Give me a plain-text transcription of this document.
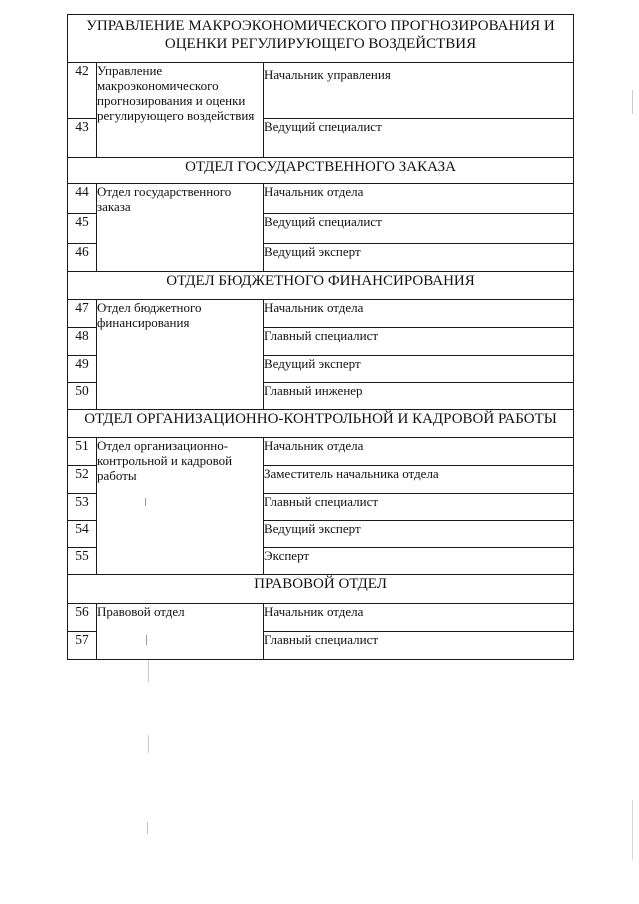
УПРАВЛЕНИЕ МАКРОЭКОНОМИЧЕСКОГО ПРОГНОЗИРОВАНИЯ И ОЦЕНКИ РЕГУЛИРУЮЩЕГО ВОЗДЕЙСТВИЯ		
42	Управление макроэкономического прогнозирования и оценки регулирующего воздействия	Начальник управления
43		Ведущий специалист
ОТДЕЛ ГОСУДАРСТВЕННОГО ЗАКАЗА		
44	Отдел государственного заказа	Начальник отдела
45		Ведущий специалист
46		Ведущий эксперт
ОТДЕЛ БЮДЖЕТНОГО ФИНАНСИРОВАНИЯ		
47	Отдел бюджетного финансирования	Начальник отдела
48		Главный специалист
49		Ведущий эксперт
50		Главный инженер
ОТДЕЛ ОРГАНИЗАЦИОННО-КОНТРОЛЬНОЙ И КАДРОВОЙ РАБОТЫ		
51	Отдел организационно-контрольной и кадровой работы	Начальник отдела
52		Заместитель начальника отдела
53		Главный специалист
54		Ведущий эксперт
55		Эксперт
ПРАВОВОЙ ОТДЕЛ		
56	Правовой отдел	Начальник отдела
57		Главный специалист
